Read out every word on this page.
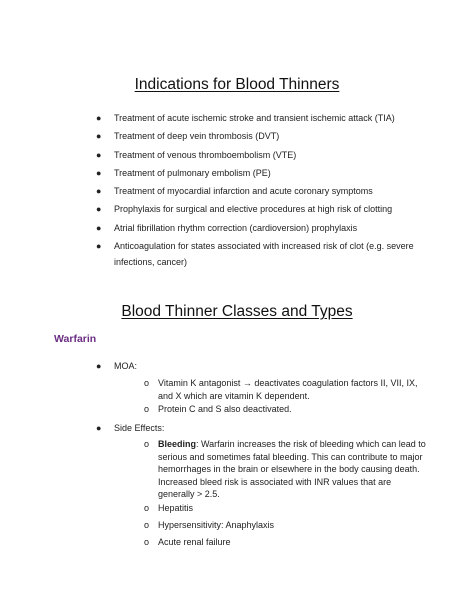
Indications for Blood Thinners
● Treatment of acute ischemic stroke and transient ischemic attack (TIA)
● Treatment of deep vein thrombosis (DVT)
● Treatment of venous thromboembolism (VTE)
● Treatment of pulmonary embolism (PE)
● Treatment of myocardial infarction and acute coronary symptoms
● Prophylaxis for surgical and elective procedures at high risk of clotting
● Atrial fibrillation rhythm correction (cardioversion) prophylaxis
● Anticoagulation for states associated with increased risk of clot (e.g. severe infections, cancer)
Blood Thinner Classes and Types
Warfarin
● MOA:
o Vitamin K antagonist → deactivates coagulation factors II, VII, IX, and X which are vitamin K dependent.
o Protein C and S also deactivated.
● Side Effects:
o Bleeding: Warfarin increases the risk of bleeding which can lead to serious and sometimes fatal bleeding. This can contribute to major hemorrhages in the brain or elsewhere in the body causing death. Increased bleed risk is associated with INR values that are generally > 2.5.
o Hepatitis
o Hypersensitivity: Anaphylaxis
o Acute renal failure
